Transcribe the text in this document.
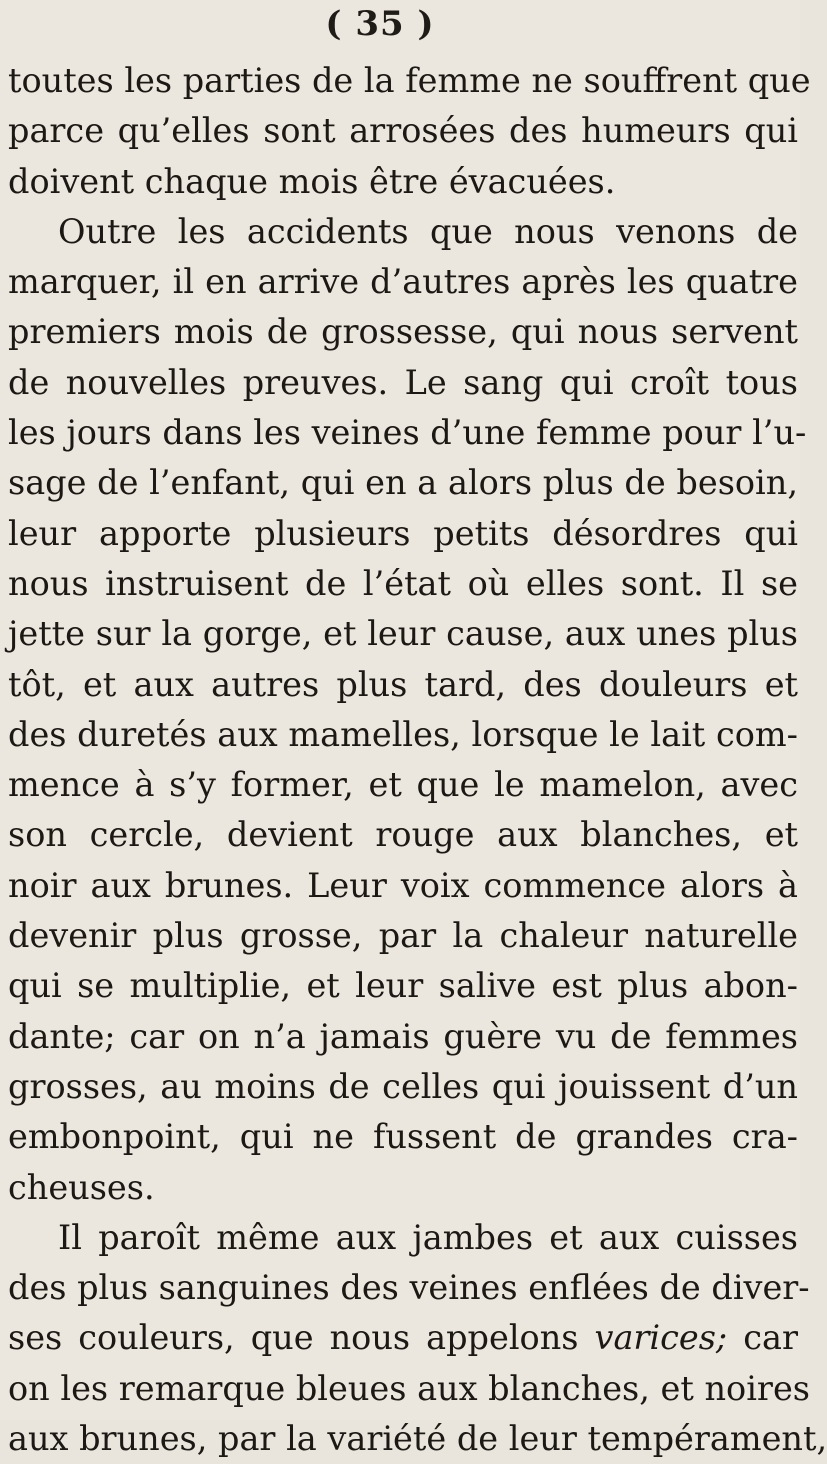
( 35 )
toutes les parties de la femme ne souffrent que
parce qu’elles sont arrosées des humeurs qui
doivent chaque mois être évacuées.
Outre les accidents que nous venons de
marquer, il en arrive d’autres après les quatre
premiers mois de grossesse, qui nous servent
de nouvelles preuves. Le sang qui croît tous
les jours dans les veines d’une femme pour l’u-
sage de l’enfant, qui en a alors plus de besoin,
leur apporte plusieurs petits désordres qui
nous instruisent de l’état où elles sont. Il se
jette sur la gorge, et leur cause, aux unes plus
tôt, et aux autres plus tard, des douleurs et
des duretés aux mamelles, lorsque le lait com-
mence à s’y former, et que le mamelon, avec
son cercle, devient rouge aux blanches, et
noir aux brunes. Leur voix commence alors à
devenir plus grosse, par la chaleur naturelle
qui se multiplie, et leur salive est plus abon-
dante; car on n’a jamais guère vu de femmes
grosses, au moins de celles qui jouissent d’un
embonpoint, qui ne fussent de grandes cra-
cheuses.
Il paroît même aux jambes et aux cuisses
des plus sanguines des veines enflées de diver-
ses couleurs, que nous appelons varices; car
on les remarque bleues aux blanches, et noires
aux brunes, par la variété de leur tempérament,
